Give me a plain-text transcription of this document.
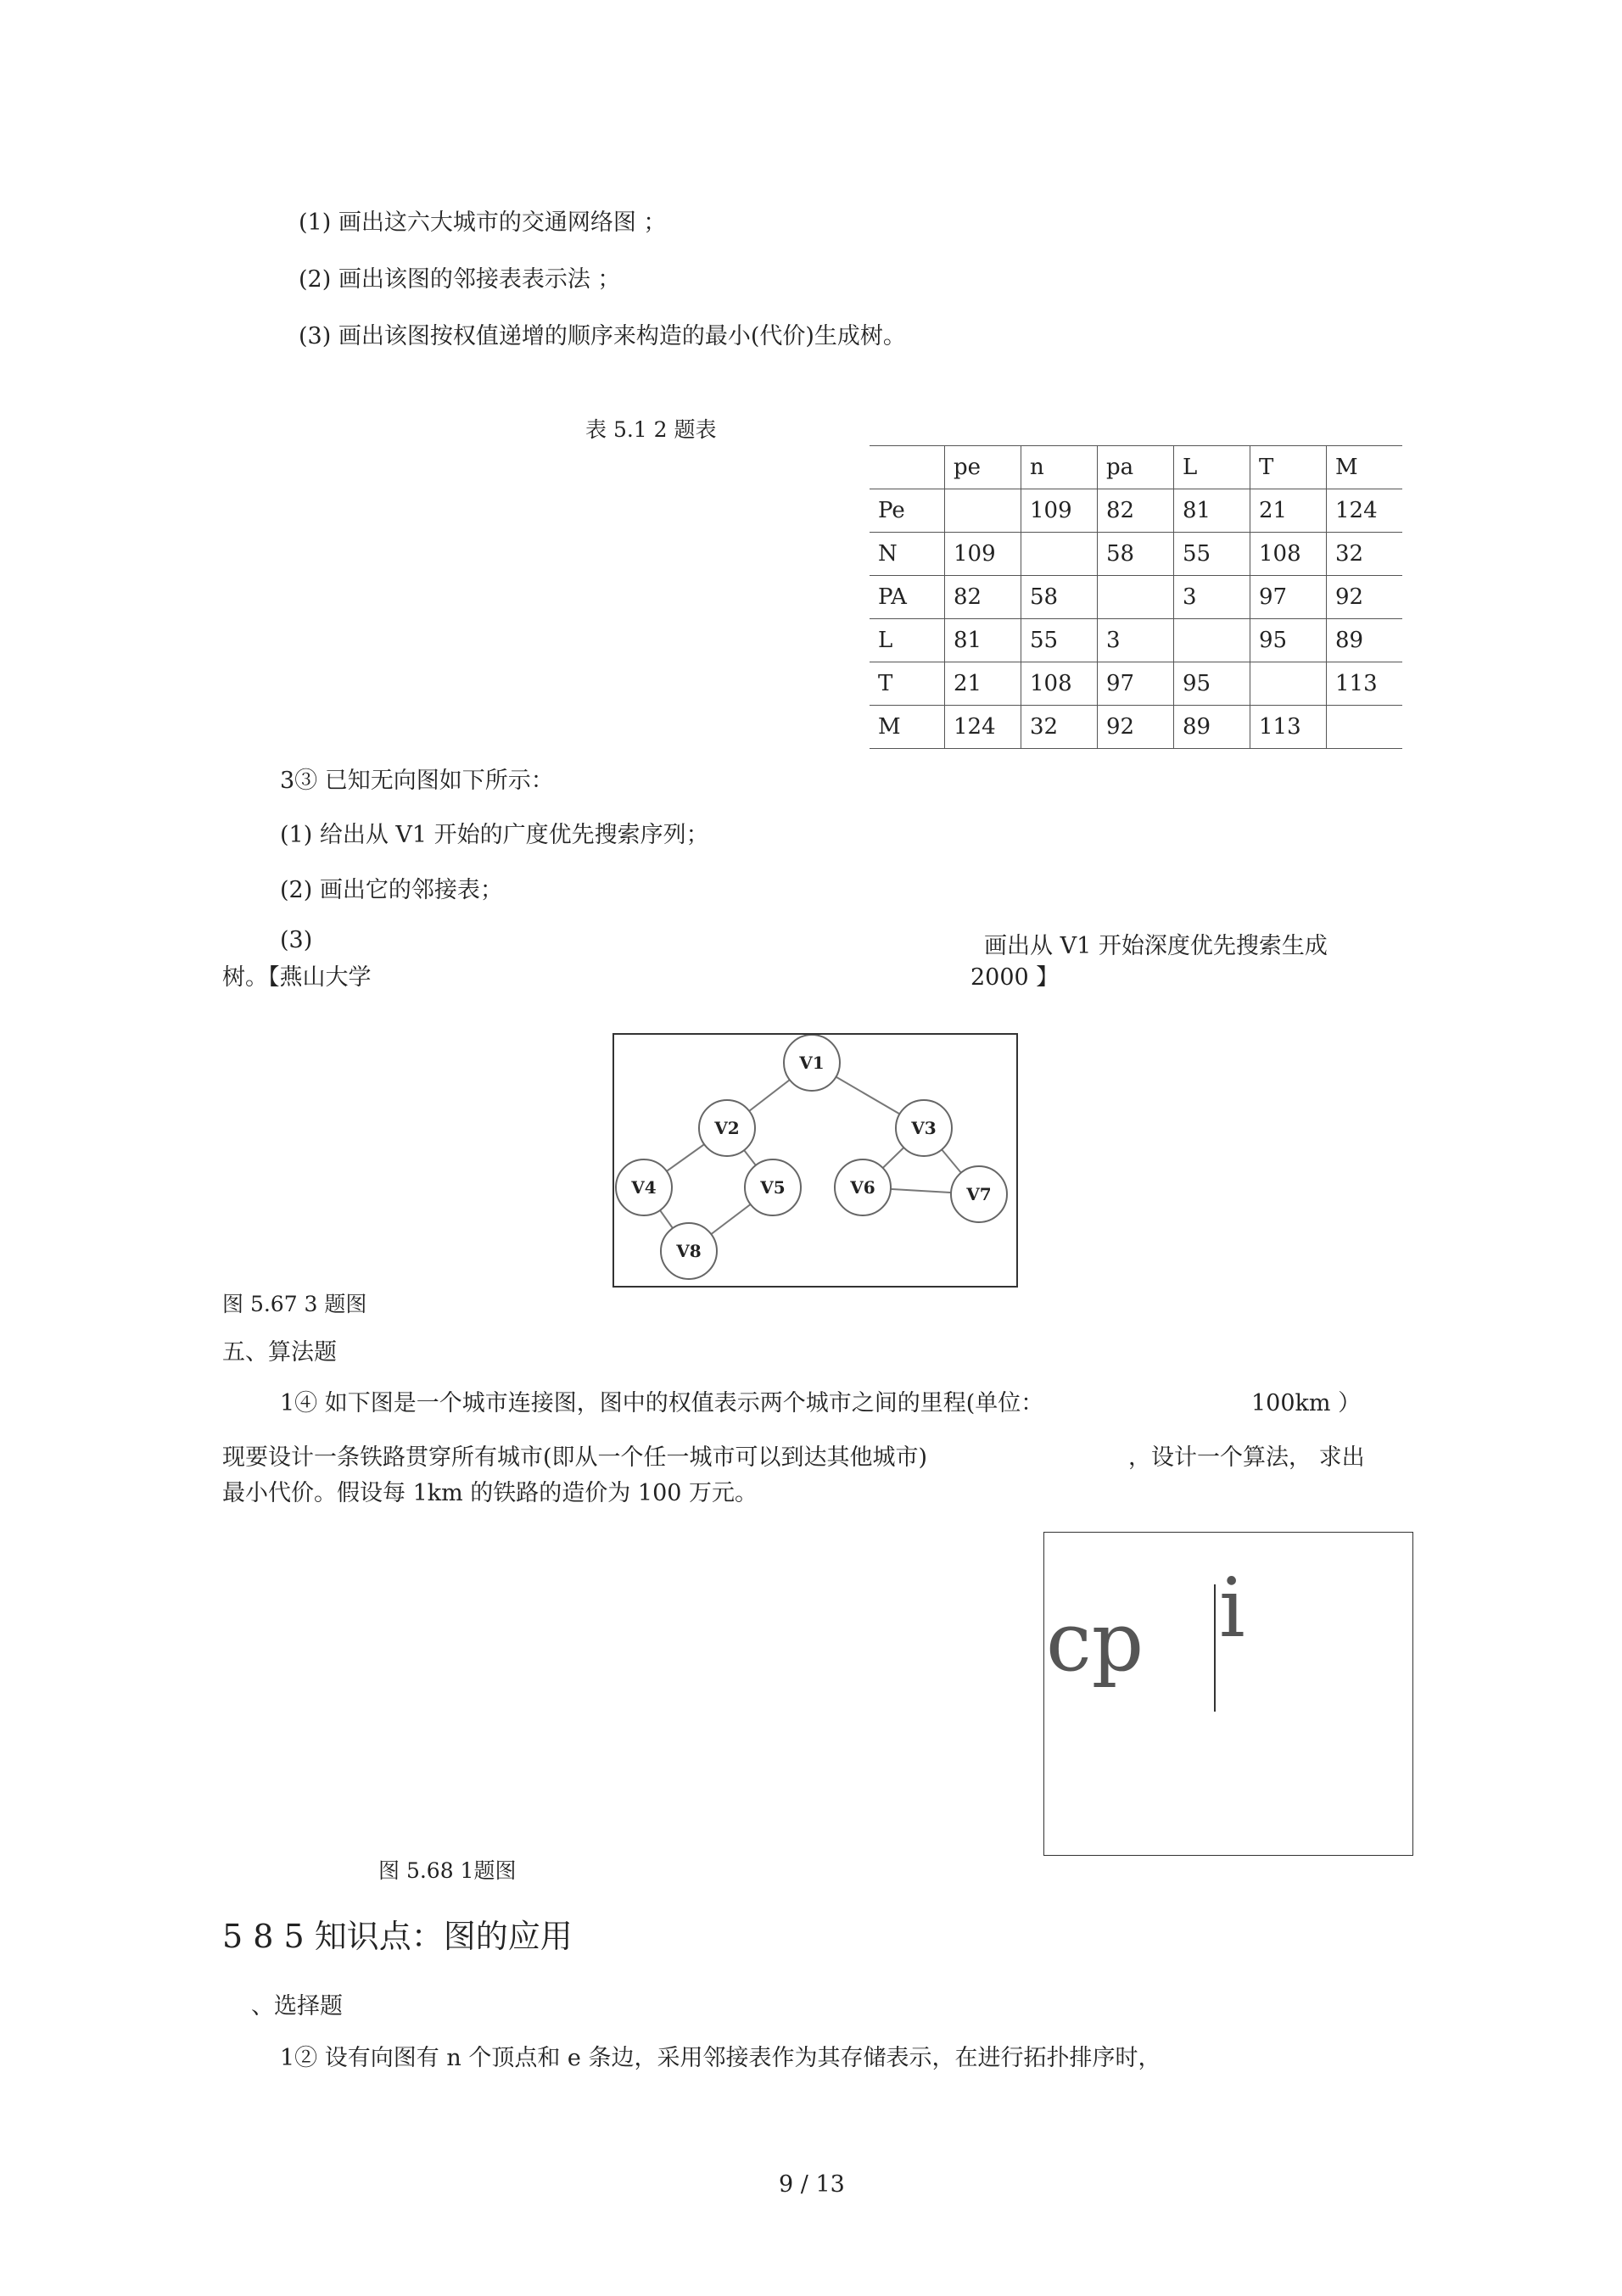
(1) 画出这六大城市的交通网络图 ；
(2) 画出该图的邻接表表示法 ；
(3) 画出该图按权值递增的顺序来构造的最小(代价)生成树。
表 5.1 2 题表
	pe	n	pa	L	T	M
Pe		109	82	81	21	124
N	109		58	55	108	32
PA	82	58		3	97	92
L	81	55	3		95	89
T	21	108	97	95		113
M	124	32	92	89	113	
3③ 已知无向图如下所示：
(1) 给出从 V1 开始的广度优先搜索序列；
(2) 画出它的邻接表；
(3)	画出从 V1 开始深度优先搜索生成
树。【燕山大学	2000 】
V1
V2	V3
V4	V5	V6	V7
V8
图 5.67 3 题图
五、算法题
1④ 如下图是一个城市连接图，图中的权值表示两个城市之间的里程(单位：	100km ）
现要设计一条铁路贯穿所有城市(即从一个任一城市可以到达其他城市)	，设计一个算法， 求出
最小代价。假设每 1km 的铁路的造价为 100 万元。
cp i
图 5.68 1题图
5 8 5 知识点：图的应用
、选择题
1② 设有向图有 n 个顶点和 e 条边，采用邻接表作为其存储表示，在进行拓扑排序时，
9 / 13
